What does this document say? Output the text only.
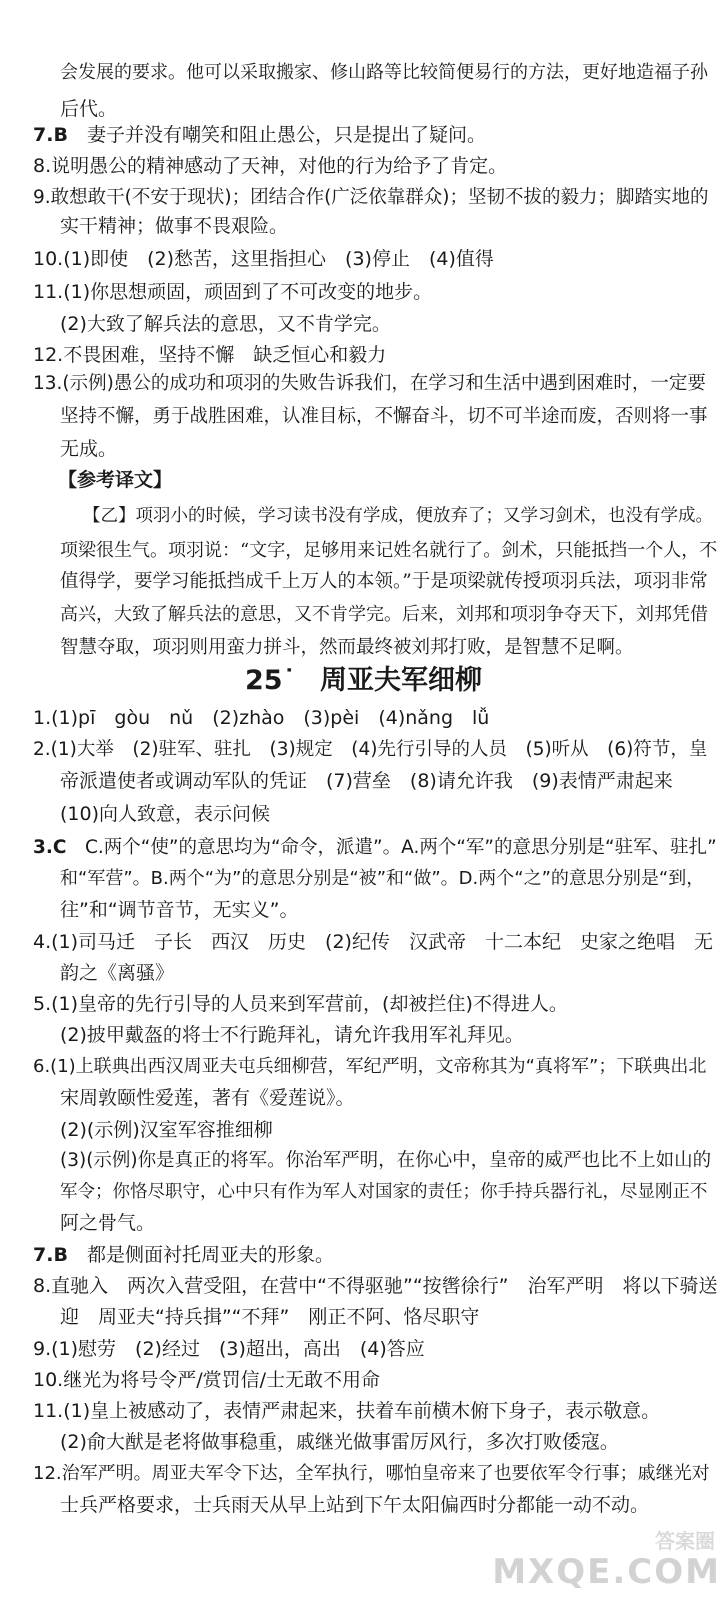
会发展的要求。他可以采取搬家、修山路等比较简便易行的方法，更好地造福子孙
后代。
7.B　 妻子并没有嘲笑和阻止愚公，只是提出了疑问。
8.说明愚公的精神感动了天神，对他的行为给予了肯定。
9.敢想敢干(不安于现状)；团结合作(广泛依靠群众)；坚韧不拔的毅力；脚踏实地的
实干精神；做事不畏艰险。
10.(1)即使　(2)愁苦，这里指担心　(3)停止　(4)值得
11.(1)你思想顽固，顽固到了不可改变的地步。
(2)大致了解兵法的意思，又不肯学完。
12.不畏困难，坚持不懈　缺乏恒心和毅力
13.(示例)愚公的成功和项羽的失败告诉我们，在学习和生活中遇到困难时，一定要
坚持不懈，勇于战胜困难，认准目标，不懈奋斗，切不可半途而废，否则将一事
无成。
【参考译文】
【乙】项羽小的时候，学习读书没有学成，便放弃了；又学习剑术，也没有学成。
项梁很生气。项羽说：“文字，足够用来记姓名就行了。剑术，只能抵挡一个人，不
值得学，要学习能抵挡成千上万人的本领。”于是项梁就传授项羽兵法，项羽非常
高兴，大致了解兵法的意思，又不肯学完。后来，刘邦和项羽争夺天下，刘邦凭借
智慧夺取，项羽则用蛮力拼斗，然而最终被刘邦打败，是智慧不足啊。
25˙ 周亚夫军细柳
1.(1)pī　gòu　nǔ　(2)zhào　(3)pèi　(4)nǎng　lǚ
2.(1)大举　(2)驻军、驻扎　(3)规定　(4)先行引导的人员　(5)听从　(6)符节，皇
帝派遣使者或调动军队的凭证　(7)营垒　(8)请允许我　(9)表情严肃起来
(10)向人致意，表示问候
3.C　 C.两个“使”的意思均为“命令，派遣”。A.两个“军”的意思分别是“驻军、驻扎”
和“军营”。B.两个“为”的意思分别是“被”和“做”。D.两个“之”的意思分别是“到，
往”和“调节音节，无实义”。
4.(1)司马迁　子长　西汉　历史　(2)纪传　汉武帝　十二本纪　史家之绝唱　无
韵之《离骚》
5.(1)皇帝的先行引导的人员来到军营前，(却被拦住)不得进人。
(2)披甲戴盔的将士不行跪拜礼，请允许我用军礼拜见。
6.(1)上联典出西汉周亚夫屯兵细柳营，军纪严明，文帝称其为“真将军”；下联典出北
宋周敦颐性爱莲，著有《爱莲说》。
(2)(示例)汉室军容推细柳
(3)(示例)你是真正的将军。你治军严明，在你心中，皇帝的威严也比不上如山的
军令；你恪尽职守，心中只有作为军人对国家的责任；你手持兵器行礼，尽显刚正不
阿之骨气。
7.B　 都是侧面衬托周亚夫的形象。
8.直驰入　两次入营受阻，在营中“不得驱驰”“按辔徐行”　治军严明　将以下骑送
迎　周亚夫“持兵揖”“不拜”　刚正不阿、恪尽职守
9.(1)慰劳　(2)经过　(3)超出，高出　(4)答应
10.继光为将号令严/赏罚信/士无敢不用命
11.(1)皇上被感动了，表情严肃起来，扶着车前横木俯下身子，表示敬意。
(2)俞大猷是老将做事稳重，戚继光做事雷厉风行，多次打败倭寇。
12.治军严明。周亚夫军令下达，全军执行，哪怕皇帝来了也要依军令行事；戚继光对
士兵严格要求，士兵雨天从早上站到下午太阳偏西时分都能一动不动。
答案圈
MXQE.COM
